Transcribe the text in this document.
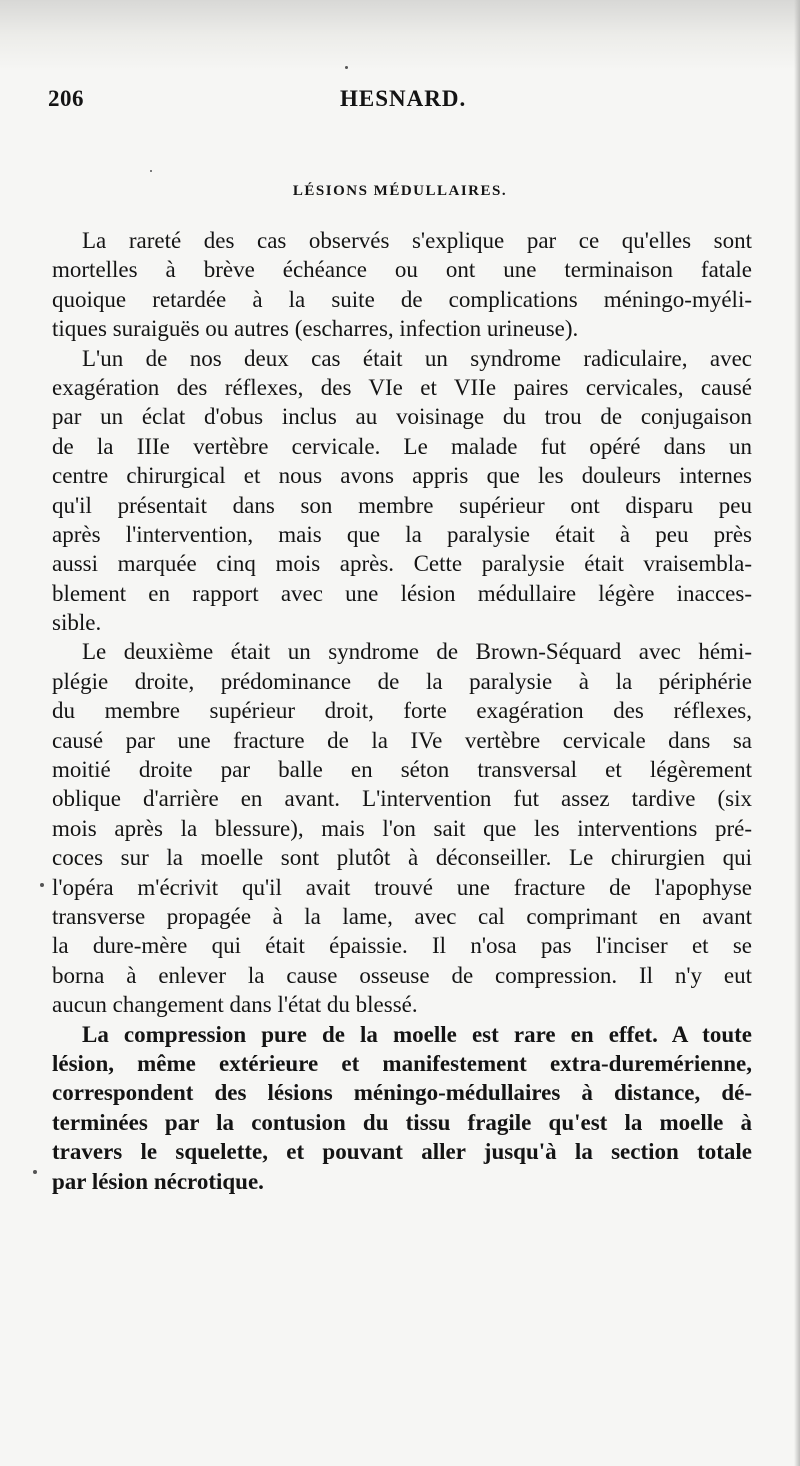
206	HESNARD.
LÉSIONS MÉDULLAIRES.
La rareté des cas observés s'explique par ce qu'elles sont
mortelles à brève échéance ou ont une terminaison fatale
quoique retardée à la suite de complications méningo-myéli-
tiques suraiguës ou autres (escharres, infection urineuse).
L'un de nos deux cas était un syndrome radiculaire, avec
exagération des réflexes, des VIe et VIIe paires cervicales, causé
par un éclat d'obus inclus au voisinage du trou de conjugaison
de la IIIe vertèbre cervicale. Le malade fut opéré dans un
centre chirurgical et nous avons appris que les douleurs internes
qu'il présentait dans son membre supérieur ont disparu peu
après l'intervention, mais que la paralysie était à peu près
aussi marquée cinq mois après. Cette paralysie était vraisembla-
blement en rapport avec une lésion médullaire légère inacces-
sible.
Le deuxième était un syndrome de Brown-Séquard avec hémi-
plégie droite, prédominance de la paralysie à la périphérie
du membre supérieur droit, forte exagération des réflexes,
causé par une fracture de la IVe vertèbre cervicale dans sa
moitié droite par balle en séton transversal et légèrement
oblique d'arrière en avant. L'intervention fut assez tardive (six
mois après la blessure), mais l'on sait que les interventions pré-
coces sur la moelle sont plutôt à déconseiller. Le chirurgien qui
l'opéra m'écrivit qu'il avait trouvé une fracture de l'apophyse
transverse propagée à la lame, avec cal comprimant en avant
la dure-mère qui était épaissie. Il n'osa pas l'inciser et se
borna à enlever la cause osseuse de compression. Il n'y eut
aucun changement dans l'état du blessé.
La compression pure de la moelle est rare en effet. A toute
lésion, même extérieure et manifestement extra-duremérienne,
correspondent des lésions méningo-médullaires à distance, dé-
terminées par la contusion du tissu fragile qu'est la moelle à
travers le squelette, et pouvant aller jusqu'à la section totale
par lésion nécrotique.
